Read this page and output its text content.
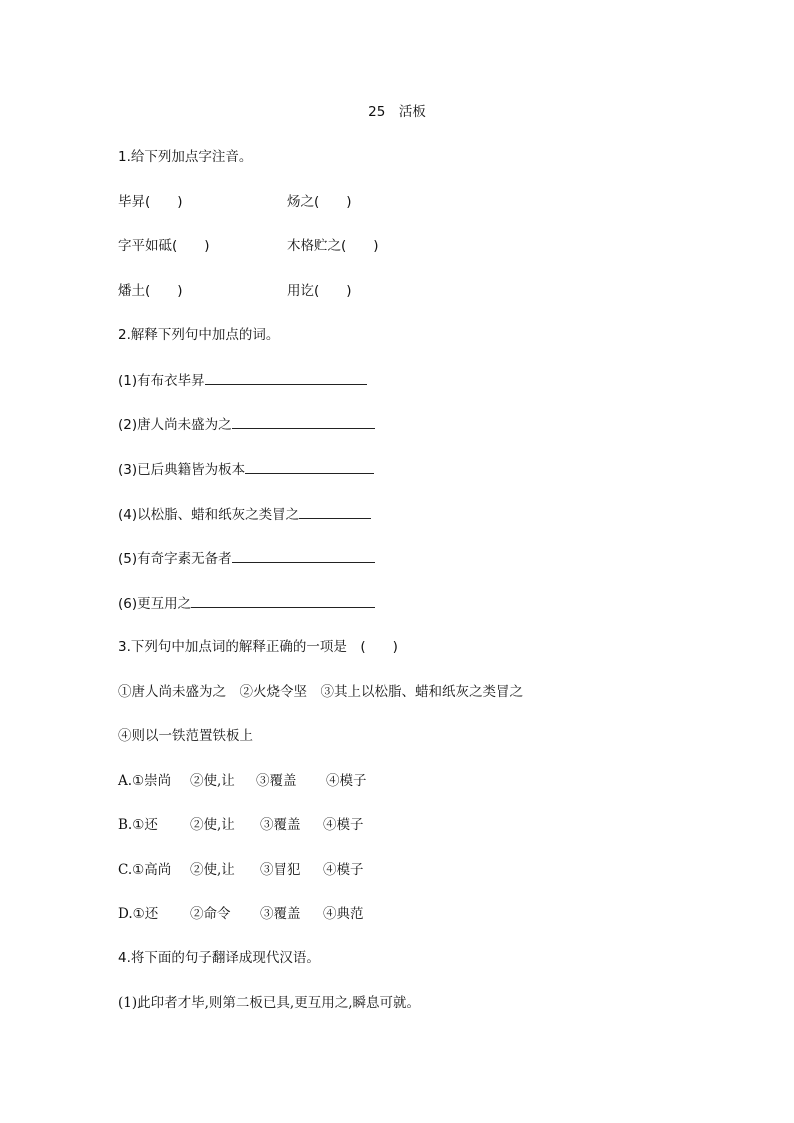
25　活板
1.给下列加点字注音。
毕昇(　　)	炀之(　　)
字平如砥(　　)	木格贮之(　　)
燔土(　　)	用讫(　　)
2.解释下列句中加点的词。
(1)有布衣毕昇
(2)唐人尚未盛为之
(3)已后典籍皆为板本
(4)以松脂、蜡和纸灰之类冒之
(5)有奇字素无备者
(6)更互用之
3.下列句中加点词的解释正确的一项是　(　　)
①唐人尚未盛为之　②火烧令坚　③其上以松脂、蜡和纸灰之类冒之
④则以一铁范置铁板上
A.①崇尚 ②使,让 ③覆盖 ④模子
B.①还 ②使,让 ③覆盖 ④模子
C.①高尚 ②使,让 ③冒犯 ④模子
D.①还 ②命令 ③覆盖 ④典范
4.将下面的句子翻译成现代汉语。
(1)此印者才毕,则第二板已具,更互用之,瞬息可就。
